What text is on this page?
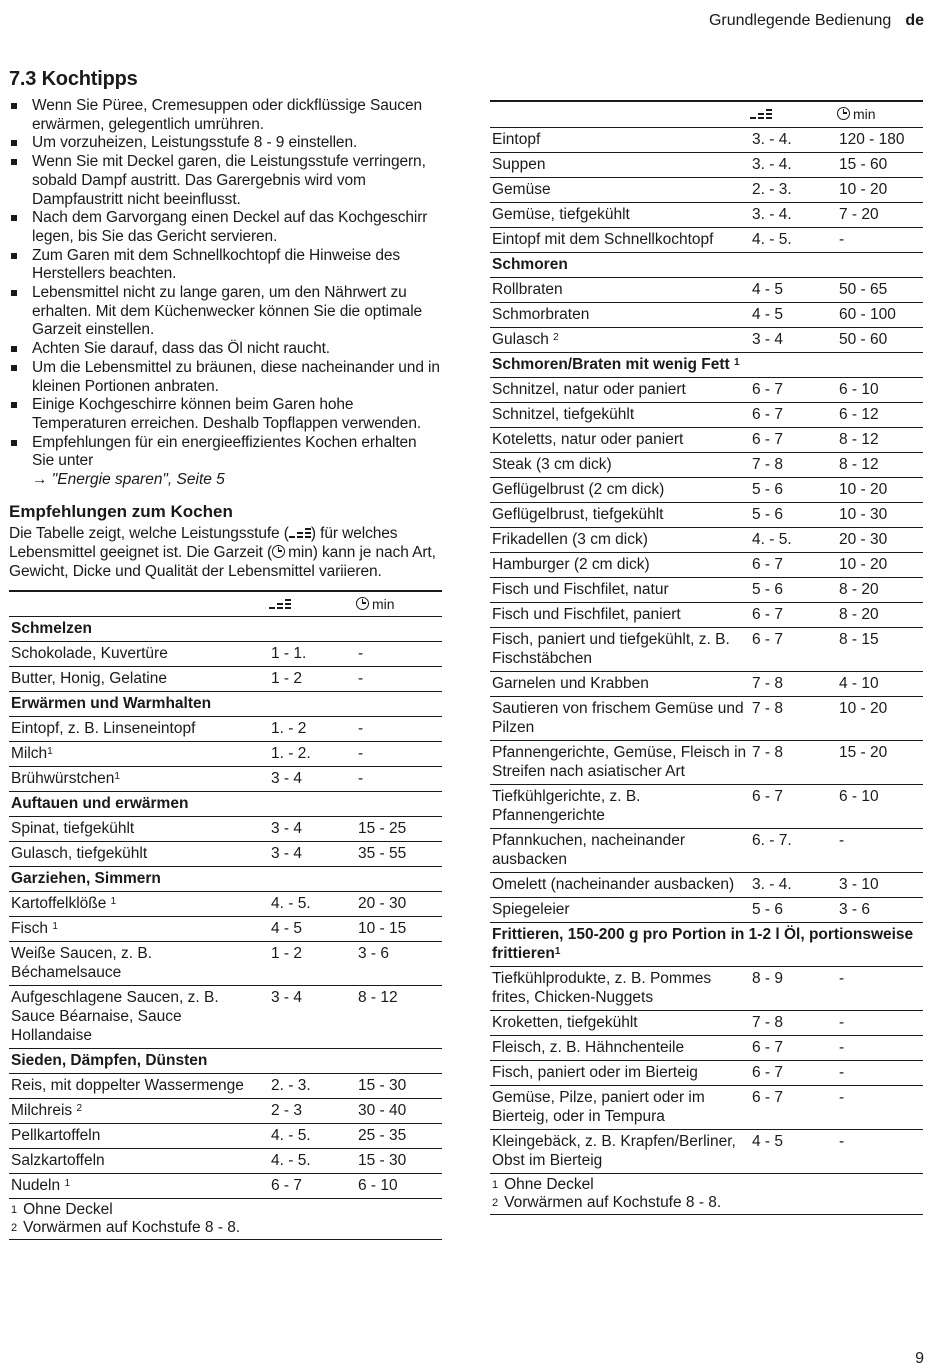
Grundlegende Bedienung de
7.3 Kochtipps
Wenn Sie Püree, Cremesuppen oder dickflüssige Saucen erwärmen, gelegentlich umrühren.
Um vorzuheizen, Leistungsstufe 8 - 9 einstellen.
Wenn Sie mit Deckel garen, die Leistungsstufe verringern, sobald Dampf austritt. Das Garergebnis wird vom Dampfaustritt nicht beeinflusst.
Nach dem Garvorgang einen Deckel auf das Kochgeschirr legen, bis Sie das Gericht servieren.
Zum Garen mit dem Schnellkochtopf die Hinweise des Herstellers beachten.
Lebensmittel nicht zu lange garen, um den Nährwert zu erhalten. Mit dem Küchenwecker können Sie die optimale Garzeit einstellen.
Achten Sie darauf, dass das Öl nicht raucht.
Um die Lebensmittel zu bräunen, diese nacheinander und in kleinen Portionen anbraten.
Einige Kochgeschirre können beim Garen hohe Temperaturen erreichen. Deshalb Topflappen verwenden.
Empfehlungen für ein energieeffizientes Kochen erhalten Sie unter
→ "Energie sparen", Seite 5
Empfehlungen zum Kochen

Die Tabelle zeigt, welche Leistungsstufe ( ) für welches Lebensmittel geeignet ist. Die Garzeit ( min) kann je nach Art, Gewicht, Dicke und Qualität der Lebensmittel variieren.

	min
Schmelzen		
Schokolade, Kuvertüre	1 - 1.	-
Butter, Honig, Gelatine	1 - 2	-
Erwärmen und Warmhalten		
Eintopf, z. B. Linseneintopf	1. - 2	-
Milch$^1$	1. - 2.	-
Brühwürstchen$^1$	3 - 4	-
Auftauen und erwärmen		
Spinat, tiefgekühlt	3 - 4	15 - 25
Gulasch, tiefgekühlt	3 - 4	35 - 55
Garziehen, Simmern		
Kartoffelklöße $^1$	4. - 5.	20 - 30
Fisch $^1$	4 - 5	10 - 15
Weiße Saucen, z. B. Béchamelsauce	1 - 2	3 - 6
Aufgeschlagene Saucen, z. B. Sauce Béarnaise, Sauce Hollandaise	3 - 4	8 - 12
Sieden, Dämpfen, Dünsten		
Reis, mit doppelter Wassermenge	2. - 3.	15 - 30
Milchreis $^2$	2 - 3	30 - 40
Pellkartoffeln	4. - 5.	25 - 35
Salzkartoffeln	4. - 5.	15 - 30
Nudeln $^1$	6 - 7	6 - 10
1 Ohne Deckel
2 Vorwärmen auf Kochstufe 8 - 8.

	min
Eintopf	3. - 4.	120 - 180
Suppen	3. - 4.	15 - 60
Gemüse	2. - 3.	10 - 20
Gemüse, tiefgekühlt	3. - 4.	7 - 20
Eintopf mit dem Schnellkochtopf	4. - 5.	-
Schmoren		
Rollbraten	4 - 5	50 - 65
Schmorbraten	4 - 5	60 - 100
Gulasch $^2$	3 - 4	50 - 60
Schmoren/Braten mit wenig Fett $^1$
Schnitzel, natur oder paniert	6 - 7	6 - 10
Schnitzel, tiefgekühlt	6 - 7	6 - 12
Koteletts, natur oder paniert	6 - 7	8 - 12
Steak (3 cm dick)	7 - 8	8 - 12
Geflügelbrust (2 cm dick)	5 - 6	10 - 20
Geflügelbrust, tiefgekühlt	5 - 6	10 - 30
Frikadellen (3 cm dick)	4. - 5.	20 - 30
Hamburger (2 cm dick)	6 - 7	10 - 20
Fisch und Fischfilet, natur	5 - 6	8 - 20
Fisch und Fischfilet, paniert	6 - 7	8 - 20
Fisch, paniert und tiefgekühlt, z. B. Fischstäbchen	6 - 7	8 - 15
Garnelen und Krabben	7 - 8	4 - 10
Sautieren von frischem Gemüse und Pilzen	7 - 8	10 - 20
Pfannengerichte, Gemüse, Fleisch in Streifen nach asiatischer Art	7 - 8	15 - 20
Tiefkühlgerichte, z. B. Pfannengerichte	6 - 7	6 - 10
Pfannkuchen, nacheinander ausbacken	6. - 7.	-
Omelett (nacheinander ausbacken)	3. - 4.	3 - 10
Spiegeleier	5 - 6	3 - 6
Frittieren, 150-200 g pro Portion in 1-2 l Öl, portionsweise frittieren$^1$
Tiefkühlprodukte, z. B. Pommes frites, Chicken-Nuggets	8 - 9	-
Kroketten, tiefgekühlt	7 - 8	-
Fleisch, z. B. Hähnchenteile	6 - 7	-
Fisch, paniert oder im Bierteig	6 - 7	-
Gemüse, Pilze, paniert oder im Bierteig, oder in Tempura	6 - 7	-
Kleingebäck, z. B. Krapfen/Berliner, Obst im Bierteig	4 - 5	-
1 Ohne Deckel
2 Vorwärmen auf Kochstufe 8 - 8.
9
